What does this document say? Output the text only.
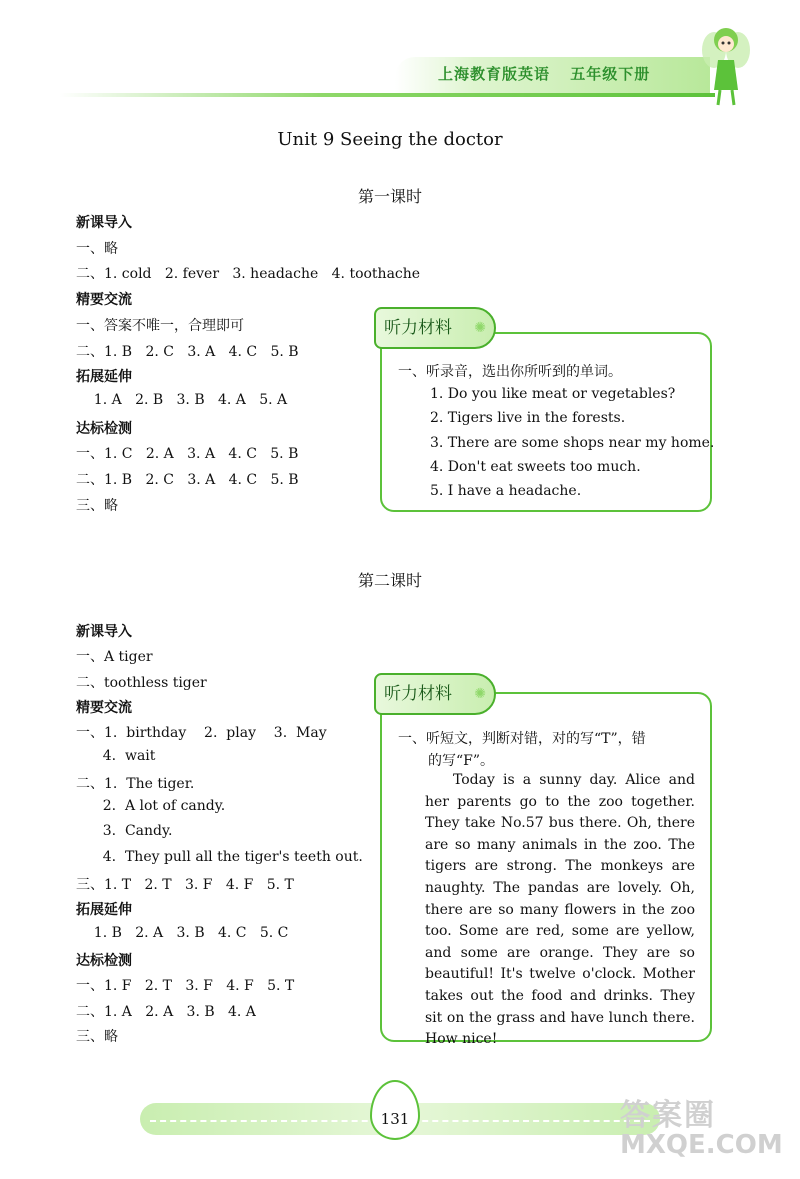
上海教育版英语 五年级下册
Unit 9 Seeing the doctor
第一课时
新课导入
一、略
二、1. cold   2. fever   3. headache   4. toothache
精要交流
一、答案不唯一，合理即可
二、1. B   2. C   3. A   4. C   5. B
拓展延伸
1. A   2. B   3. B   4. A   5. A
达标检测
一、1. C   2. A   3. A   4. C   5. B
二、1. B   2. C   3. A   4. C   5. B
三、略
听力材料 ✺
一、听录音，选出你所听到的单词。
1. Do you like meat or vegetables?
2. Tigers live in the forests.
3. There are some shops near my home.
4. Don't eat sweets too much.
5. I have a headache.
第二课时
新课导入
一、A tiger
二、toothless tiger
精要交流
一、1.  birthday    2.  play    3.  May
4.  wait
二、1.  The tiger.
2.  A lot of candy.
3.  Candy.
4.  They pull all the tiger's teeth out.
三、1. T   2. T   3. F   4. F   5. T
拓展延伸
1. B   2. A   3. B   4. C   5. C
达标检测
一、1. F   2. T   3. F   4. F   5. T
二、1. A   2. A   3. B   4. A
三、略
听力材料 ✺
一、听短文，判断对错，对的写“T”，错
的写“F”。
Today is a sunny day. Alice and her parents go to the zoo together. They take No.57 bus there. Oh, there are so many animals in the zoo. The tigers are strong. The monkeys are naughty. The pandas are lovely. Oh, there are so many flowers in the zoo too. Some are red, some are yellow, and some are orange. They are so beautiful! It's twelve o'clock. Mother takes out the food and drinks. They sit on the grass and have lunch there. How nice!
131	答案圈
MXQE.COM
